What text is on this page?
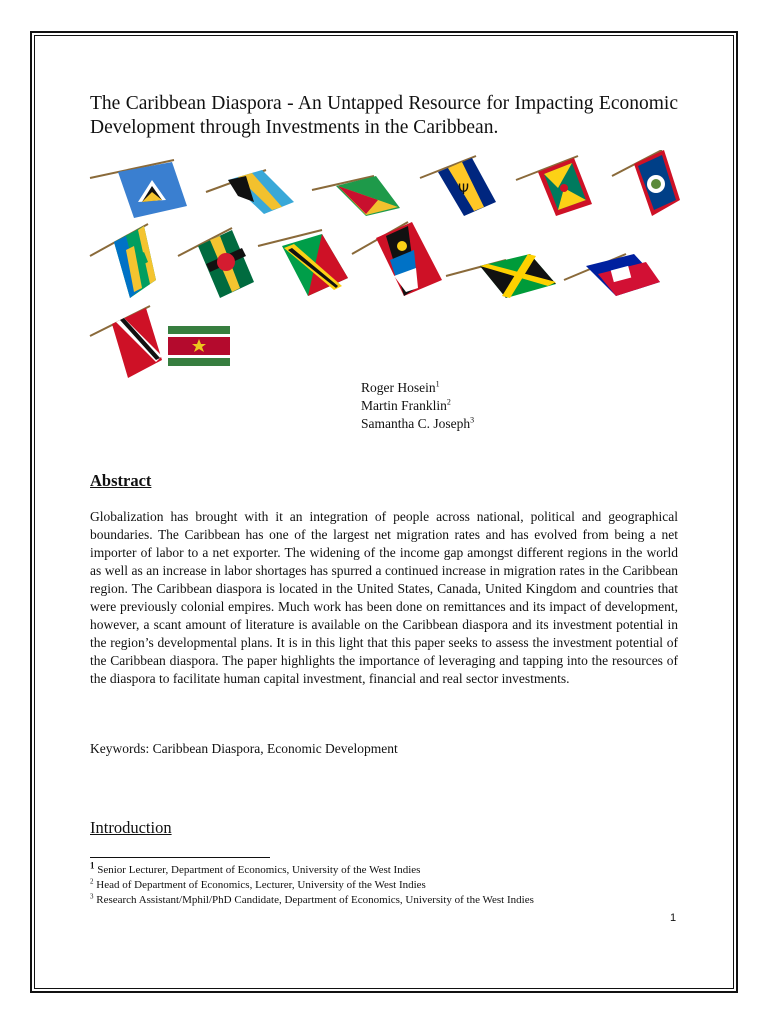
The Caribbean Diaspora - An Untapped Resource for Impacting Economic Development through Investments in the Caribbean.
Ψ
Roger Hosein$^1$
Martin Franklin$^2$
Samantha C. Joseph$^3$
Abstract
Globalization has brought with it an integration of people across national, political and geographical boundaries. The Caribbean has one of the largest net migration rates and has evolved from being a net importer of labor to a net exporter. The widening of the income gap amongst different regions in the world as well as an increase in labor shortages has spurred a continued increase in migration rates in the Caribbean region. The Caribbean diaspora is located in the United States, Canada, United Kingdom and countries that were previously colonial empires. Much work has been done on remittances and its impact of development, however, a scant amount of literature is available on the Caribbean diaspora and its investment potential in the region’s developmental plans. It is in this light that this paper seeks to assess the investment potential of the Caribbean diaspora. The paper highlights the importance of leveraging and tapping into the resources of the diaspora to facilitate human capital investment, financial and real sector investments.
Keywords: Caribbean Diaspora, Economic Development
Introduction
$^1$ Senior Lecturer, Department of Economics, University of the West Indies
$^2$ Head of Department of Economics, Lecturer, University of the West Indies
$^3$ Research Assistant/Mphil/PhD Candidate, Department of Economics, University of the West Indies
1
